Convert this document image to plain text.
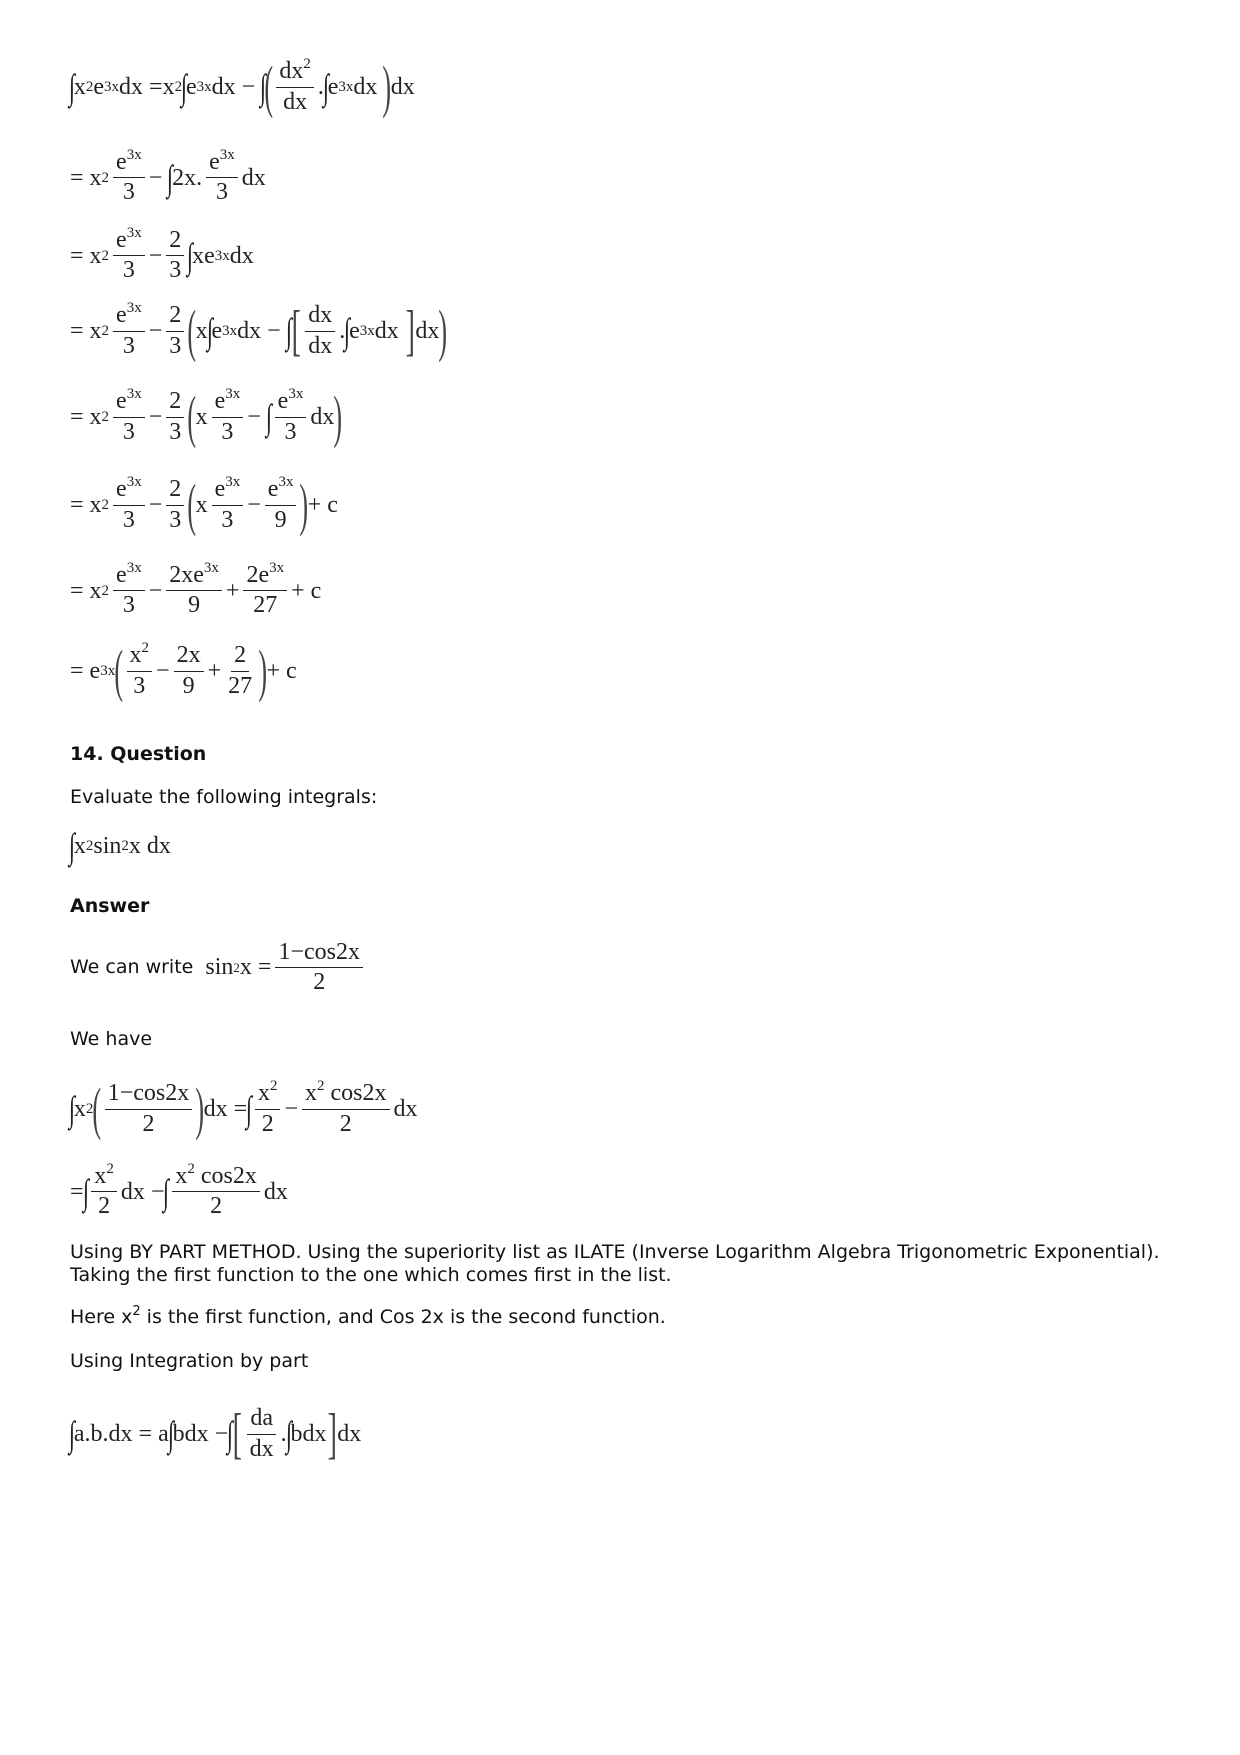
∫
x 2 e 3x dx =x 2
∫
e 3x dx − ∫
( $\frac{dx^2}{dx}$ .
∫
e 3x dx ) dx
= x $2 \frac{e^{3x}}{3}$ − ∫
2x. $\frac{e^{3x}}{3}$ dx
= x $2 \frac{e^{3x}}{3} - \frac{2}{3}$ ∫
xe 3x dx
= x $2 \frac{e^{3x}}{3} - \frac{2}{3}$ ( x
∫
e 3x dx − ∫ [ $\frac{dx}{dx}$ .
∫
e 3x dx ] dx )
= x $2 \frac{e^{3x}}{3} - \frac{2}{3}$ ( x $\frac{e^{3x}}{3}$ − ∫ $\frac{e^{3x}}{3}$ dx )
= x $2 \frac{e^{3x}}{3} - \frac{2}{3}$ ( x $\frac{e^{3x}}{3} - \frac{e^{3x}}{9}$ ) + c
= x $2 \frac{e^{3x}}{3} - \frac{2xe^{3x}}{9} + \frac{2e^{3x}}{27} + c$
= e 3x ( $\frac{x^2}{3} - \frac{2x}{9} + \frac{2}{27}$ ) + c
14. Question
Evaluate the following integrals:
∫
x 2 sin 2 x dx
Answer
We can write  sin 2 $x = \frac{1-\cos 2x}{2}$
We have
∫
x 2 ( $\frac{1-\cos 2x}{2}$ ) dx =
∫ $\frac{x^2}{2} - \frac{x^2 \cos 2x}{2}$ dx
=
∫ $\frac{x^2}{2}$ dx −
∫ $\frac{x^2 \cos 2x}{2}$ dx
Using BY PART METHOD. Using the superiority list as ILATE (Inverse Logarithm Algebra Trigonometric Exponential). Taking the first function to the one which comes first in the list.
Here $x^2$ is the first function, and Cos 2x is the second function.
Using Integration by part
∫
a.b.dx = a
∫
bdx −
∫ [ $\frac{da}{dx}$ .
∫
bdx ] dx
